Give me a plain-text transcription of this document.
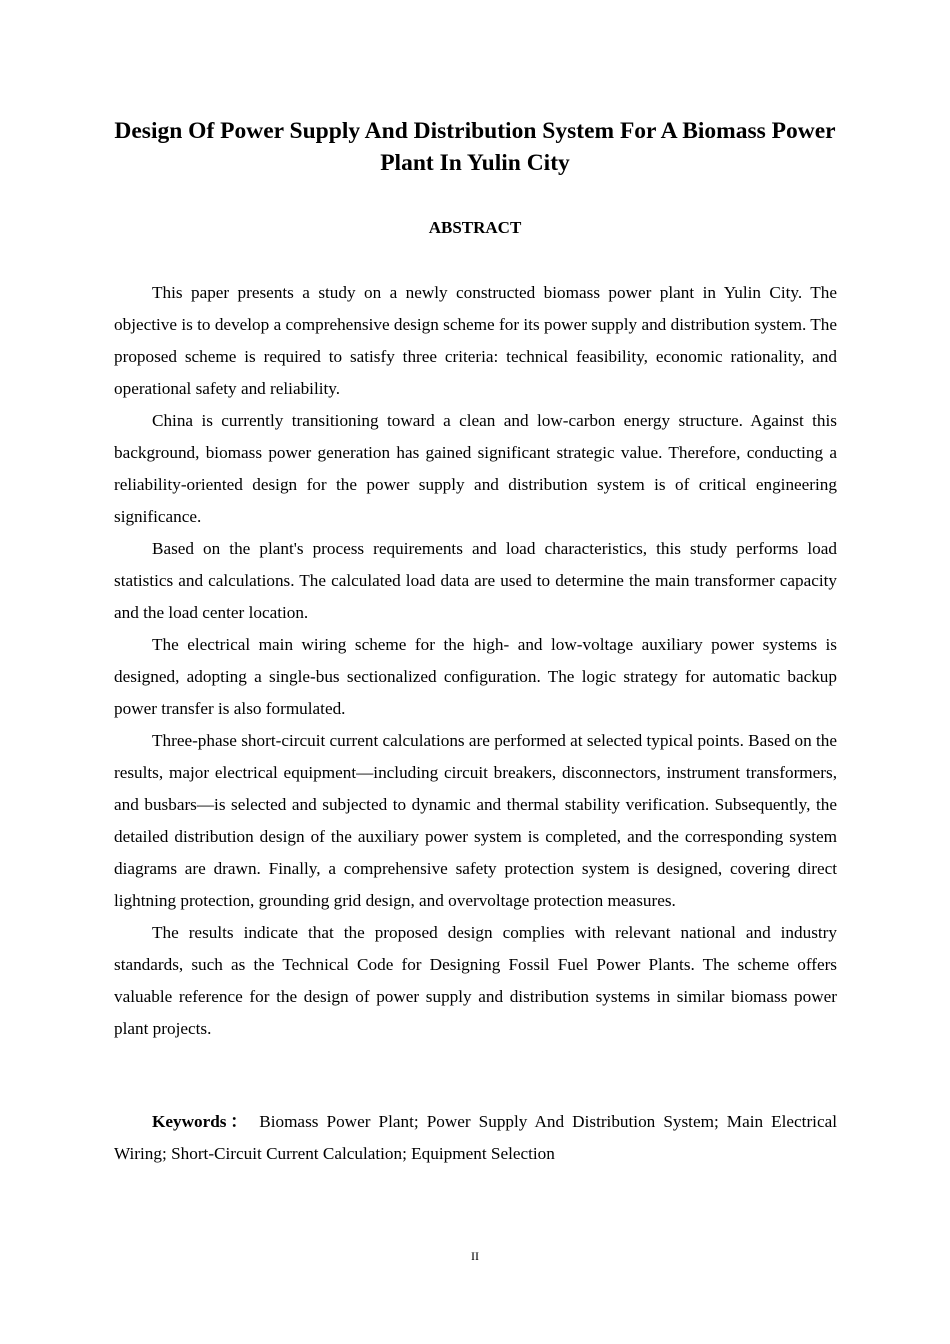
Design Of Power Supply And Distribution System For A Biomass Power Plant In Yulin City
ABSTRACT

This paper presents a study on a newly constructed biomass power plant in Yulin City. The objective is to develop a comprehensive design scheme for its power supply and distribution system. The proposed scheme is required to satisfy three criteria: technical feasibility, economic rationality, and operational safety and reliability.

China is currently transitioning toward a clean and low-carbon energy structure. Against this background, biomass power generation has gained significant strategic value. Therefore, conducting a reliability-oriented design for the power supply and distribution system is of critical engineering significance.

Based on the plant's process requirements and load characteristics, this study performs load statistics and calculations. The calculated load data are used to determine the main transformer capacity and the load center location.

The electrical main wiring scheme for the high- and low-voltage auxiliary power systems is designed, adopting a single-bus sectionalized configuration. The logic strategy for automatic backup power transfer is also formulated.

Three-phase short-circuit current calculations are performed at selected typical points. Based on the results, major electrical equipment—including circuit breakers, disconnectors, instrument transformers, and busbars—is selected and subjected to dynamic and thermal stability verification. Subsequently, the detailed distribution design of the auxiliary power system is completed, and the corresponding system diagrams are drawn. Finally, a comprehensive safety protection system is designed, covering direct lightning protection, grounding grid design, and overvoltage protection measures.

The results indicate that the proposed design complies with relevant national and industry standards, such as the Technical Code for Designing Fossil Fuel Power Plants. The scheme offers valuable reference for the design of power supply and distribution systems in similar biomass power plant projects.

Keywords： Biomass Power Plant; Power Supply And Distribution System; Main Electrical Wiring; Short-Circuit Current Calculation; Equipment Selection

II
